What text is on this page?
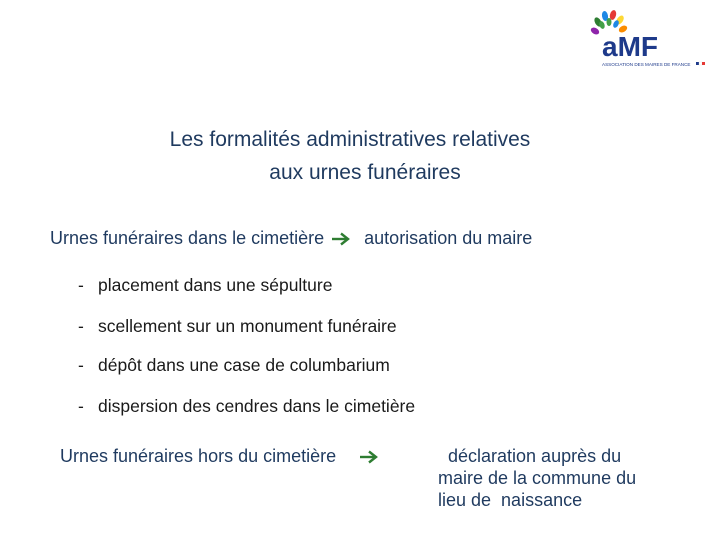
aMF
ASSOCIATION DES MAIRES DE FRANCE
Les formalités administratives relatives
aux urnes funéraires
Urnes funéraires dans le cimetière autorisation du maire
- placement dans une sépulture
- scellement sur un monument funéraire
- dépôt dans une case de columbarium
- dispersion des cendres dans le cimetière
Urnes funéraires hors du cimetière	déclaration auprès du
maire de la commune du
lieu de  naissance
